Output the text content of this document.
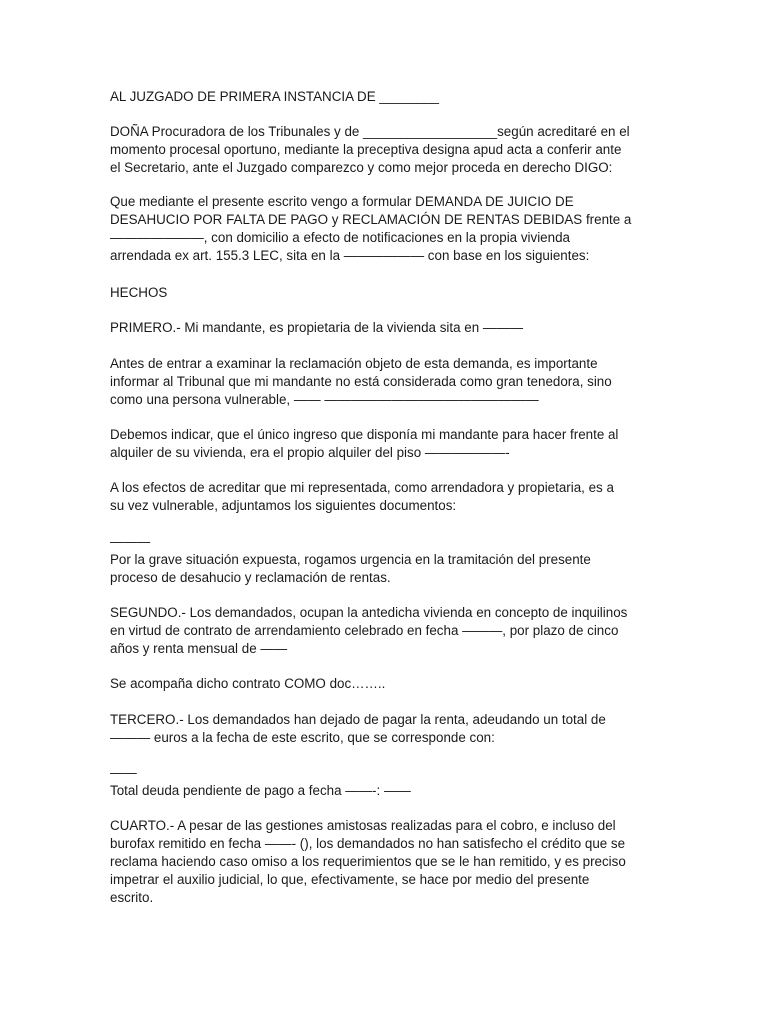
AL JUZGADO DE PRIMERA INSTANCIA DE ________
DOÑA Procuradora de los Tribunales y de __________________según acreditaré en el
momento procesal oportuno, mediante la preceptiva designa apud acta a conferir ante
el Secretario, ante el Juzgado comparezco y como mejor proceda en derecho DIGO:
Que mediante el presente escrito vengo a formular DEMANDA DE JUICIO DE
DESAHUCIO POR FALTA DE PAGO y RECLAMACIÓN DE RENTAS DEBIDAS frente a
———————, con domicilio a efecto de notificaciones en la propia vivienda
arrendada ex art. 155.3 LEC, sita en la —————— con base en los siguientes:
HECHOS
PRIMERO.- Mi mandante, es propietaria de la vivienda sita en ———
Antes de entrar a examinar la reclamación objeto de esta demanda, es importante
informar al Tribunal que mi mandante no está considerada como gran tenedora, sino
como una persona vulnerable, —— ————————————————
Debemos indicar, que el único ingreso que disponía mi mandante para hacer frente al
alquiler de su vivienda, era el propio alquiler del piso ——————-
A los efectos de acreditar que mi representada, como arrendadora y propietaria, es a
su vez vulnerable, adjuntamos los siguientes documentos:
———
Por la grave situación expuesta, rogamos urgencia en la tramitación del presente
proceso de desahucio y reclamación de rentas.
SEGUNDO.- Los demandados, ocupan la antedicha vivienda en concepto de inquilinos
en virtud de contrato de arrendamiento celebrado en fecha ———, por plazo de cinco
años y renta mensual de ——
Se acompaña dicho contrato COMO doc……..
TERCERO.- Los demandados han dejado de pagar la renta, adeudando un total de
——— euros a la fecha de este escrito, que se corresponde con:
——
Total deuda pendiente de pago a fecha ——-: ——
CUARTO.- A pesar de las gestiones amistosas realizadas para el cobro, e incluso del
burofax remitido en fecha ——- (), los demandados no han satisfecho el crédito que se
reclama haciendo caso omiso a los requerimientos que se le han remitido, y es preciso
impetrar el auxilio judicial, lo que, efectivamente, se hace por medio del presente
escrito.
